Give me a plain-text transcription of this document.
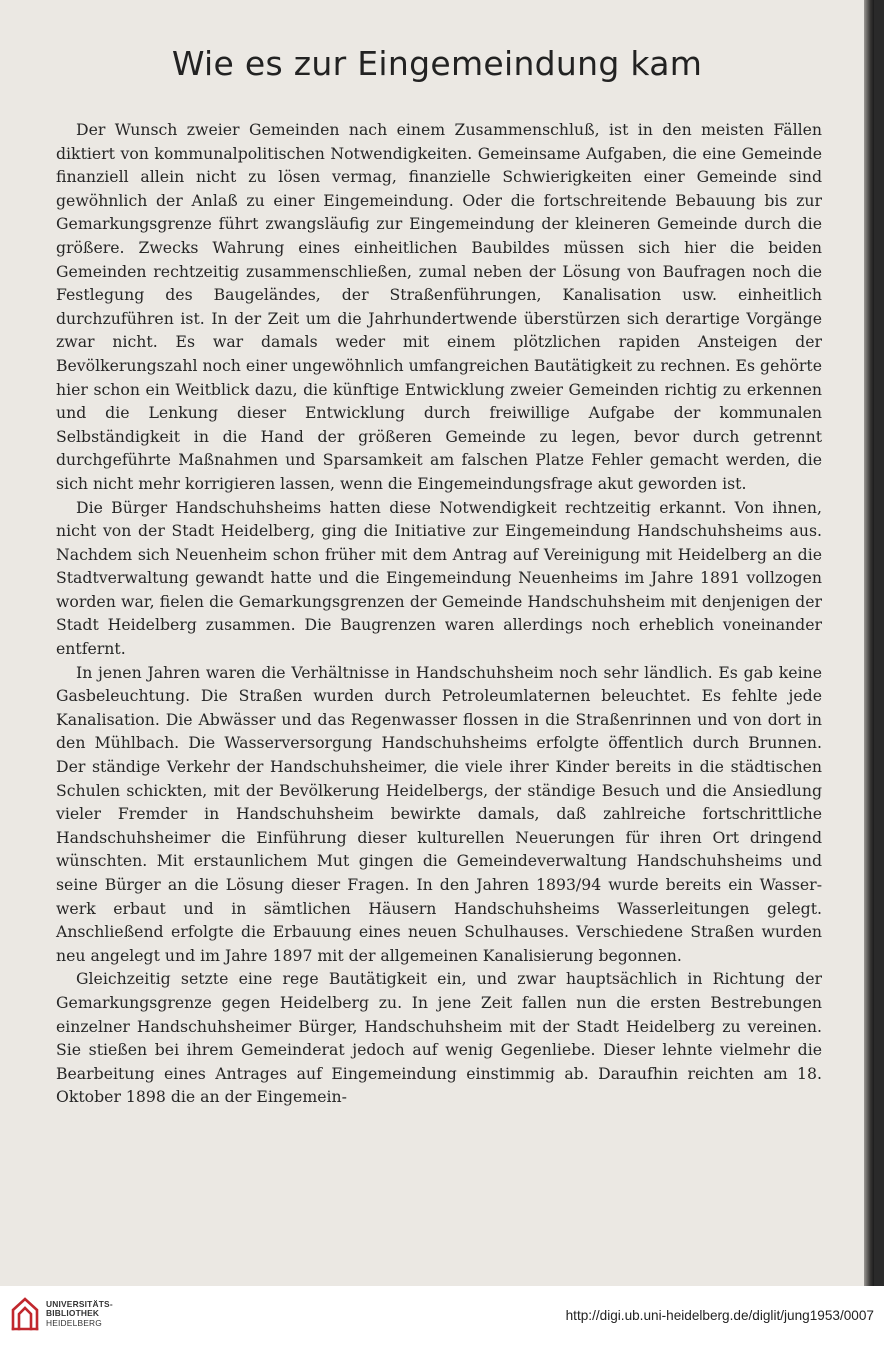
Wie es zur Eingemeindung kam

Der Wunsch zweier Gemeinden nach einem Zusammenschluß, ist in den meisten Fällen diktiert von kommunalpolitischen Notwendigkeiten. Gemeinsame Aufgaben, die eine Gemeinde finanziell allein nicht zu lösen vermag, finanzielle Schwierigkeiten einer Gemeinde sind gewöhnlich der Anlaß zu einer Eingemeindung. Oder die fortschreitende Bebauung bis zur Gemarkungsgrenze führt zwangsläufig zur Eingemeindung der kleineren Gemeinde durch die größere. Zwecks Wahrung eines einheitlichen Baubildes müssen sich hier die beiden Gemeinden rechtzeitig zusammenschließen, zumal neben der Lösung von Baufragen noch die Festlegung des Baugeländes, der Straßenführungen, Kanalisation usw. einheitlich durchzuführen ist. In der Zeit um die Jahrhundertwende überstürzen sich derartige Vorgänge zwar nicht. Es war damals weder mit einem plötzlichen rapiden Ansteigen der Bevölkerungszahl noch einer ungewöhnlich umfangreichen Bautätigkeit zu rechnen. Es gehörte hier schon ein Weitblick dazu, die künftige Entwicklung zweier Gemeinden richtig zu erkennen und die Lenkung dieser Entwicklung durch freiwillige Aufgabe der kommunalen Selbständigkeit in die Hand der größeren Gemeinde zu legen, bevor durch getrennt durchgeführte Maßnahmen und Sparsamkeit am falschen Platze Fehler gemacht werden, die sich nicht mehr korrigieren lassen, wenn die Eingemeindungsfrage akut geworden ist.

Die Bürger Handschuhsheims hatten diese Notwendigkeit rechtzeitig erkannt. Von ihnen, nicht von der Stadt Heidelberg, ging die Initiative zur Eingemeindung Handschuhsheims aus. Nachdem sich Neuenheim schon früher mit dem Antrag auf Vereinigung mit Heidelberg an die Stadtverwaltung gewandt hatte und die Eingemeindung Neuenheims im Jahre 1891 vollzogen worden war, fielen die Gemarkungsgrenzen der Gemeinde Handschuhsheim mit denjenigen der Stadt Heidelberg zusammen. Die Baugrenzen waren allerdings noch erheblich voneinander entfernt.

In jenen Jahren waren die Verhältnisse in Handschuhsheim noch sehr ländlich. Es gab keine Gasbeleuchtung. Die Straßen wurden durch Petroleumlaternen beleuchtet. Es fehlte jede Kanalisation. Die Abwässer und das Regenwasser flossen in die Straßenrinnen und von dort in den Mühlbach. Die Wasserversorgung Handschuhsheims erfolgte öffentlich durch Brunnen. Der ständige Verkehr der Handschuhsheimer, die viele ihrer Kinder bereits in die städtischen Schulen schickten, mit der Bevölkerung Heidelbergs, der ständige Besuch und die Ansiedlung vieler Fremder in Handschuhsheim bewirkte damals, daß zahlreiche fortschrittliche Handschuhsheimer die Einführung dieser kulturellen Neuerungen für ihren Ort dringend wünschten. Mit erstaunlichem Mut gingen die Gemeindeverwaltung Handschuhsheims und seine Bürger an die Lösung dieser Fragen. In den Jahren 1893/94 wurde bereits ein Wasserwerk erbaut und in sämtlichen Häusern Handschuhsheims Wasserleitungen gelegt. Anschließend erfolgte die Erbauung eines neuen Schulhauses. Verschiedene Straßen wurden neu angelegt und im Jahre 1897 mit der allgemeinen Kanalisierung begonnen.

Gleichzeitig setzte eine rege Bautätigkeit ein, und zwar hauptsächlich in Richtung der Gemarkungsgrenze gegen Heidelberg zu. In jene Zeit fallen nun die ersten Bestrebungen einzelner Handschuhsheimer Bürger, Handschuhsheim mit der Stadt Heidelberg zu vereinen. Sie stießen bei ihrem Gemeinderat jedoch auf wenig Gegenliebe. Dieser lehnte vielmehr die Bearbeitung eines Antrages auf Eingemeindung einstimmig ab. Daraufhin reichten am 18. Oktober 1898 die an der Eingemein-

UNIVERSITÄTS-
BIBLIOTHEK
HEIDELBERG	http://digi.ub.uni-heidelberg.de/diglit/jung1953/0007
